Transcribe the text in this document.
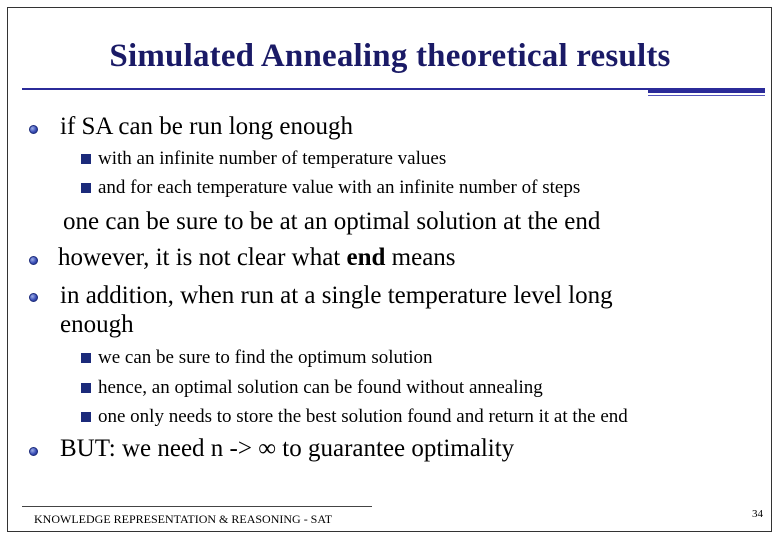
Simulated Annealing theoretical results
if SA can be run long enough
with an infinite number of temperature values
and for each temperature value with an infinite number of steps
one can be sure to be at an optimal solution at the end
however, it is not clear what end means
in addition, when run at a single temperature level long
enough
we can be sure to find the optimum solution
hence, an optimal solution can be found without annealing
one only needs to store the best solution found and return it at the end
BUT: we need n -> ∞ to guarantee optimality
KNOWLEDGE REPRESENTATION & REASONING - SAT	34
